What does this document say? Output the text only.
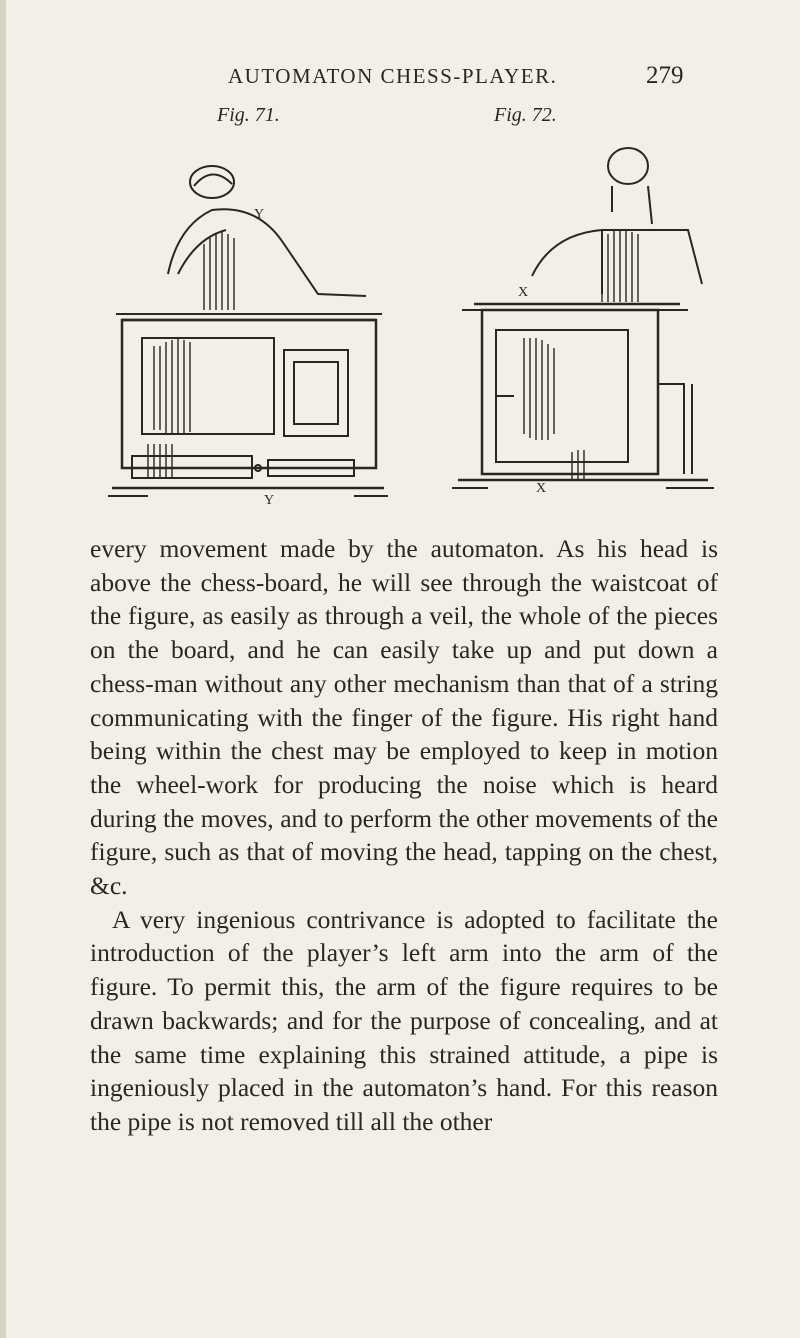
AUTOMATON CHESS-PLAYER.	279
Fig. 71.	Fig. 72.
Y
Y
X
X

every movement made by the automaton. As his head is above the chess-board, he will see through the waistcoat of the figure, as easily as through a veil, the whole of the pieces on the board, and he can easily take up and put down a chess-man without any other mechanism than that of a string communicating with the finger of the figure. His right hand being within the chest may be employed to keep in motion the wheel-work for producing the noise which is heard during the moves, and to perform the other movements of the figure, such as that of moving the head, tapping on the chest, &c.

A very ingenious contrivance is adopted to facilitate the introduction of the player’s left arm into the arm of the figure. To permit this, the arm of the figure requires to be drawn backwards; and for the purpose of concealing, and at the same time explaining this strained attitude, a pipe is ingeniously placed in the automaton’s hand. For this reason the pipe is not removed till all the other
